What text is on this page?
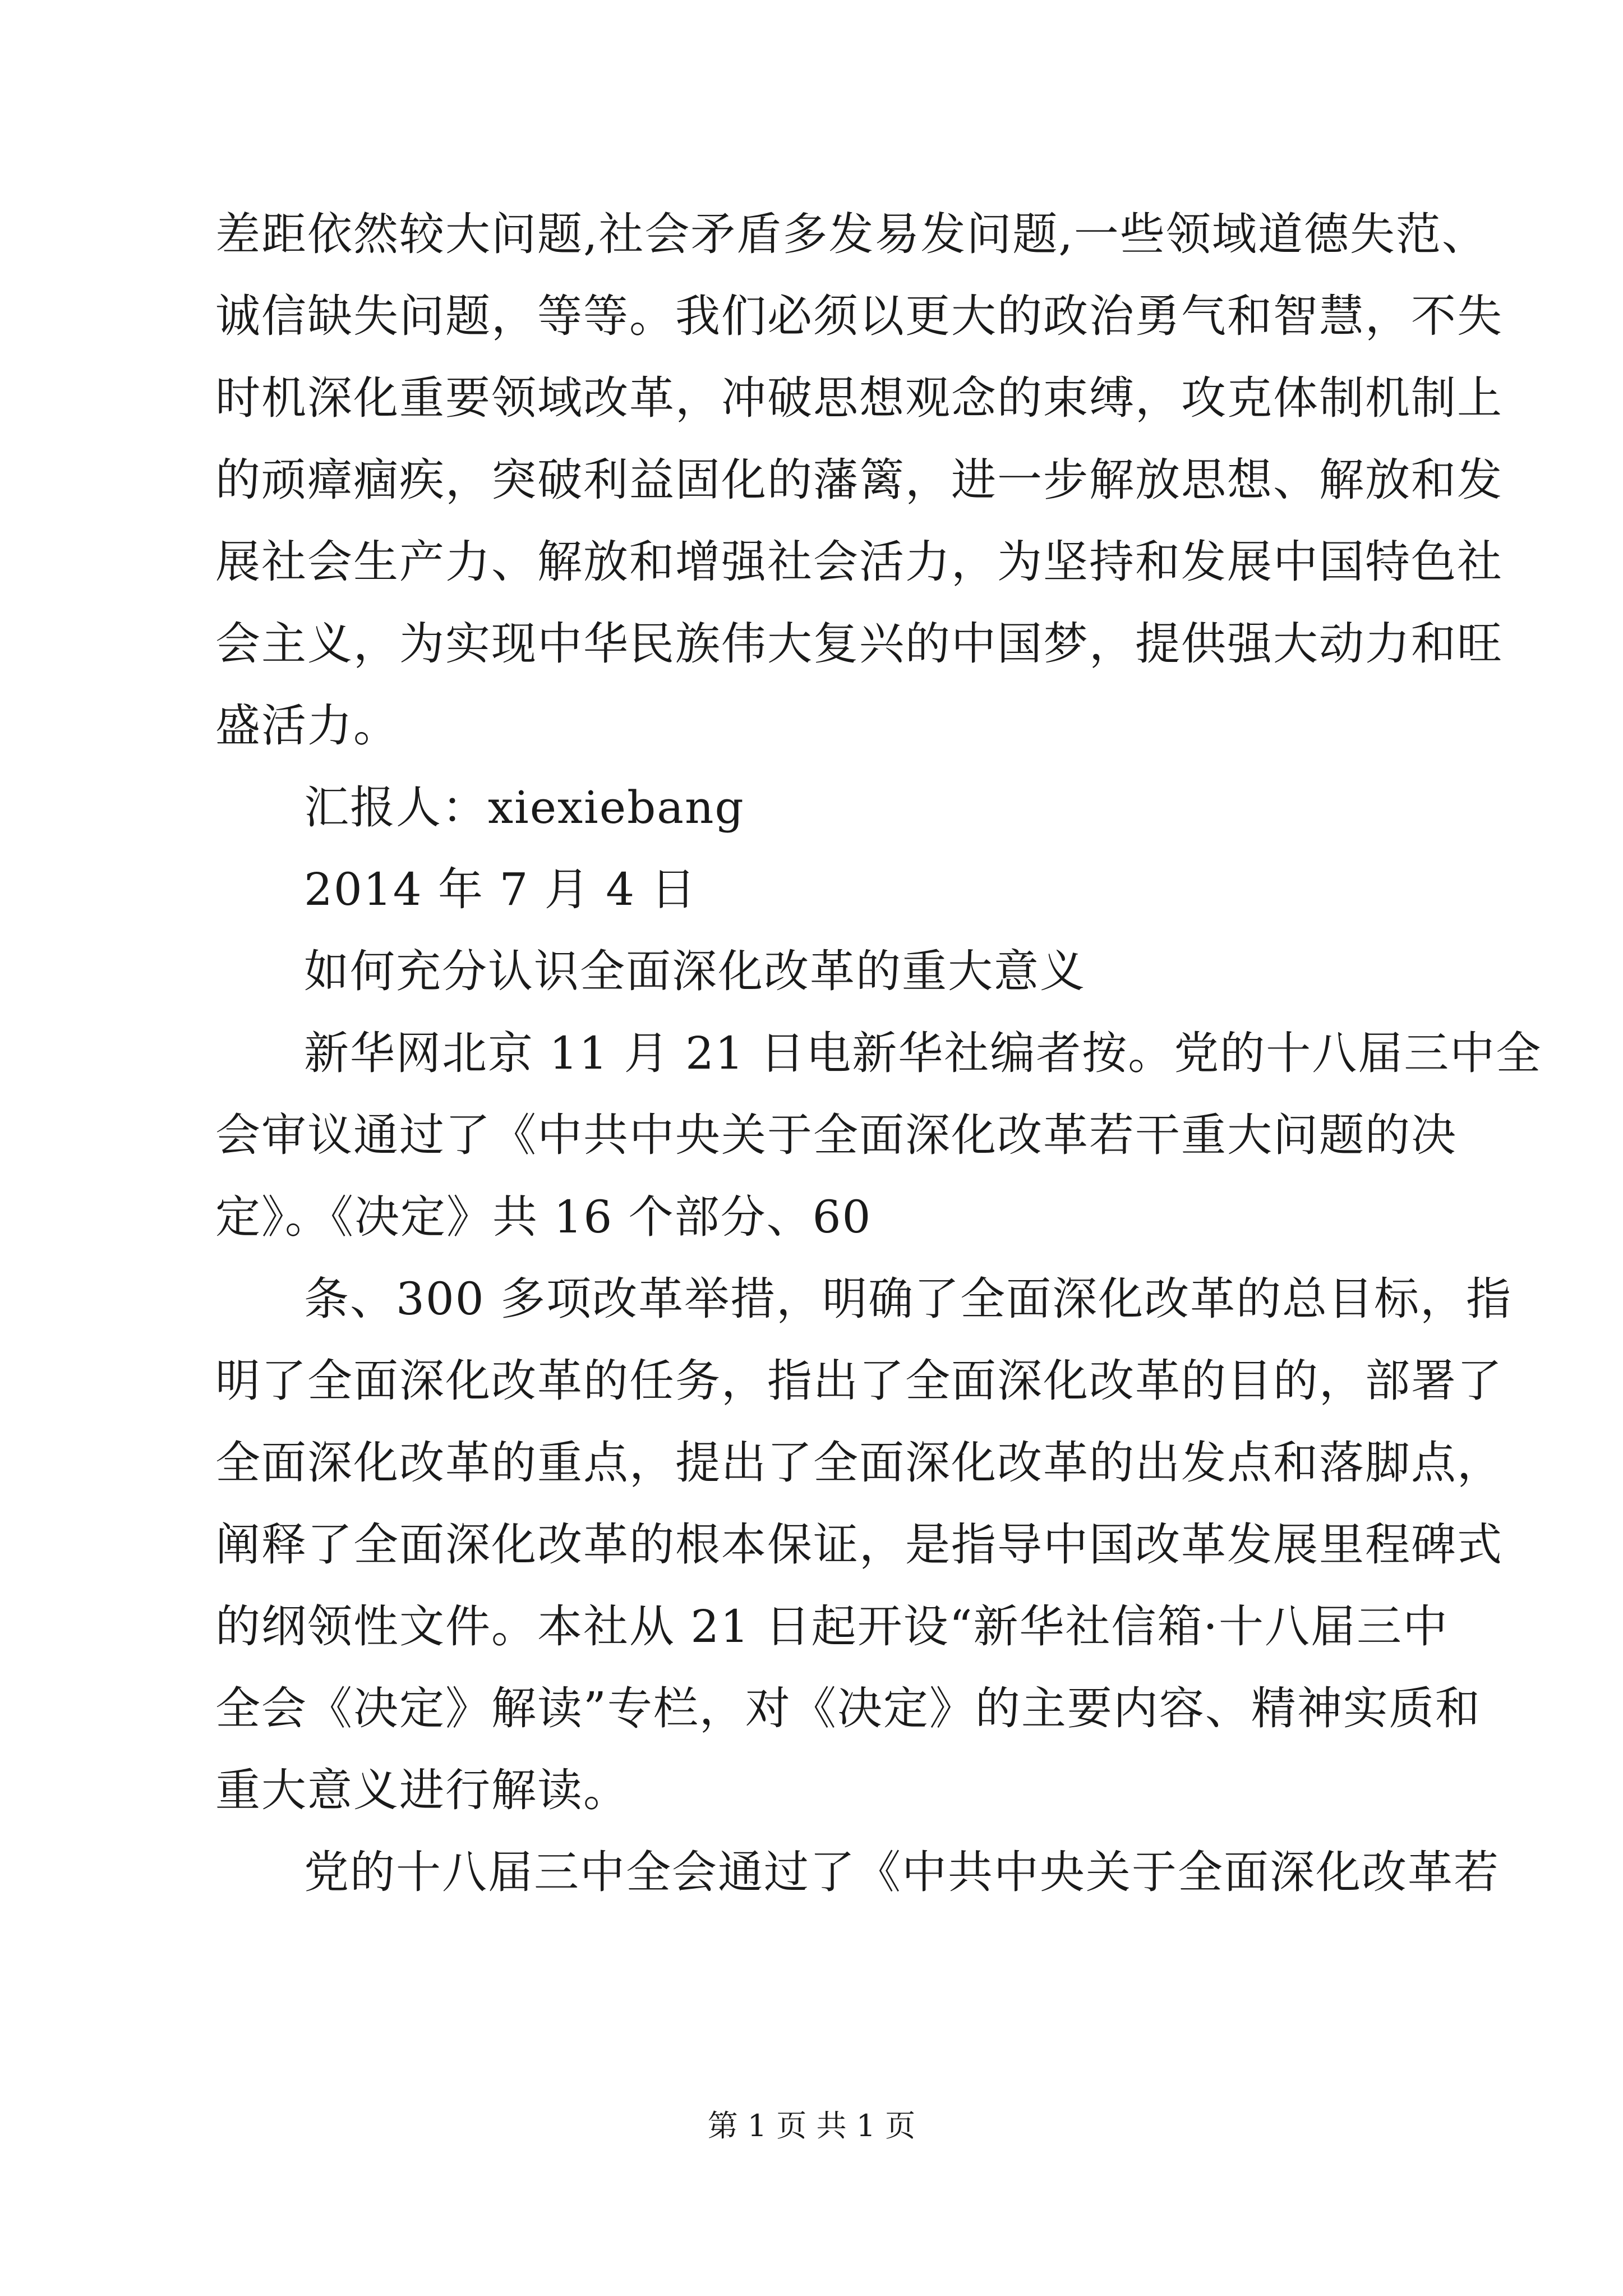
差距依然较大问题,社会矛盾多发易发问题,一些领域道德失范、
诚信缺失问题，等等。我们必须以更大的政治勇气和智慧，不失
时机深化重要领域改革，冲破思想观念的束缚，攻克体制机制上
的顽瘴痼疾，突破利益固化的藩篱，进一步解放思想、解放和发
展社会生产力、解放和增强社会活力，为坚持和发展中国特色社
会主义，为实现中华民族伟大复兴的中国梦，提供强大动力和旺
盛活力。
汇报人：xiexiebang
2014 年 7 月 4 日
如何充分认识全面深化改革的重大意义
新华网北京 11 月 21 日电新华社编者按。党的十八届三中全
会审议通过了《中共中央关于全面深化改革若干重大问题的决
定》。《决定》共 16 个部分、60
条、300 多项改革举措，明确了全面深化改革的总目标，指
明了全面深化改革的任务，指出了全面深化改革的目的，部署了
全面深化改革的重点，提出了全面深化改革的出发点和落脚点，
阐释了全面深化改革的根本保证，是指导中国改革发展里程碑式
的纲领性文件。本社从 21 日起开设“新华社信箱·十八届三中
全会《决定》解读”专栏，对《决定》的主要内容、精神实质和
重大意义进行解读。
党的十八届三中全会通过了《中共中央关于全面深化改革若
第 1 页 共 1 页
